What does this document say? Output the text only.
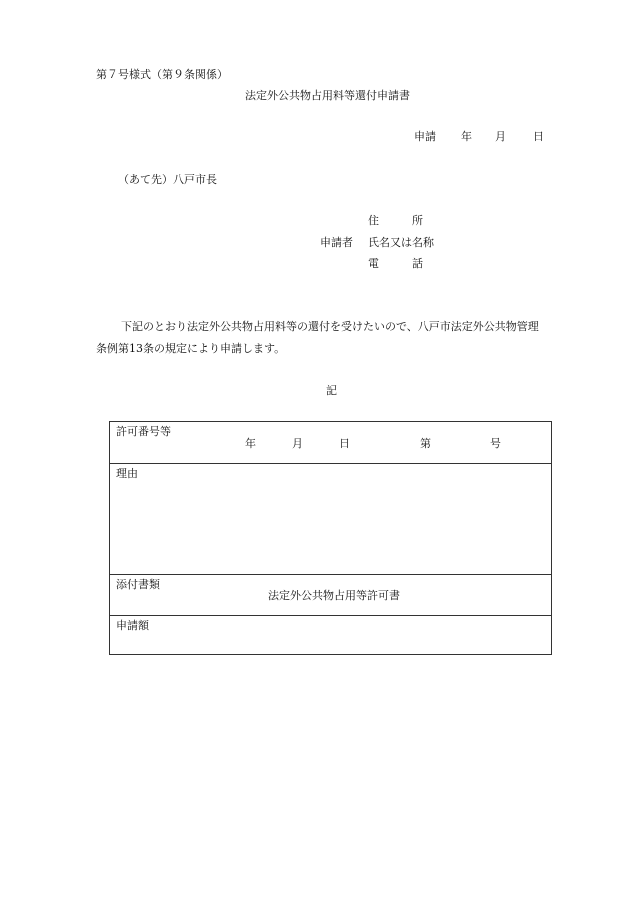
第７号様式（第９条関係）
法定外公共物占用料等還付申請書
申請 年 月 日
（あて先）八戸市長
住　　　所
申請者 氏名又は名称
電　　　話
下記のとおり法定外公共物占用料等の還付を受けたいので、八戸市法定外公共物管理
条例第13条の規定により申請します。
記
許可番号等
年	月	日	第	号
理由
添付書類
法定外公共物占用等許可書
申請額
